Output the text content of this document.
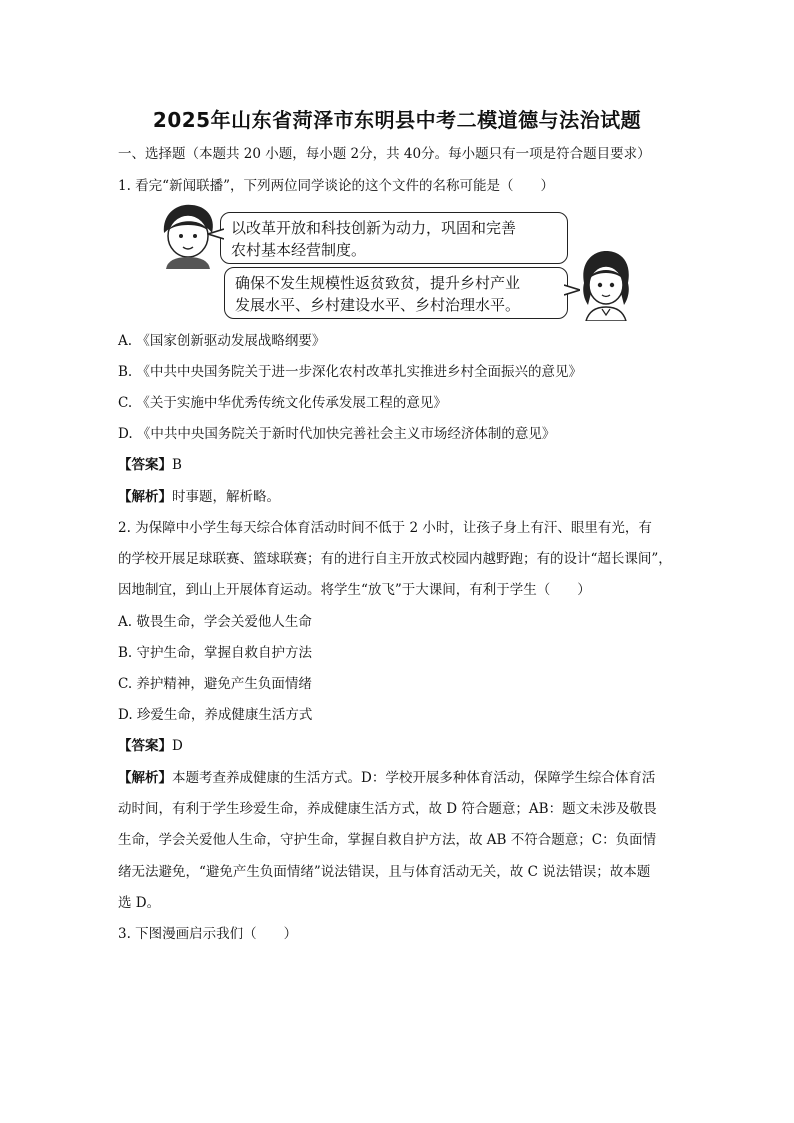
2025年山东省菏泽市东明县中考二模道德与法治试题
一、选择题（本题共 20 小题，每小题 2分，共 40分。每小题只有一项是符合题目要求）
1. 看完“新闻联播”，下列两位同学谈论的这个文件的名称可能是（　　）
以改革开放和科技创新为动力，巩固和完善
农村基本经营制度。
确保不发生规模性返贫致贫，提升乡村产业
发展水平、乡村建设水平、乡村治理水平。
A. 《国家创新驱动发展战略纲要》
B. 《中共中央国务院关于进一步深化农村改革扎实推进乡村全面振兴的意见》
C. 《关于实施中华优秀传统文化传承发展工程的意见》
D. 《中共中央国务院关于新时代加快完善社会主义市场经济体制的意见》
【答案】B
【解析】时事题，解析略。
2. 为保障中小学生每天综合体育活动时间不低于 2 小时，让孩子身上有汗、眼里有光，有
的学校开展足球联赛、篮球联赛；有的进行自主开放式校园内越野跑；有的设计“超长课间”，
因地制宜，到山上开展体育运动。将学生“放飞”于大课间，有利于学生（　　）
A. 敬畏生命，学会关爱他人生命
B. 守护生命，掌握自救自护方法
C. 养护精神，避免产生负面情绪
D. 珍爱生命，养成健康生活方式
【答案】D
【解析】本题考查养成健康的生活方式。D：学校开展多种体育活动，保障学生综合体育活
动时间，有利于学生珍爱生命，养成健康生活方式，故 D 符合题意；AB：题文未涉及敬畏
生命，学会关爱他人生命，守护生命，掌握自救自护方法，故 AB 不符合题意；C：负面情
绪无法避免，“避免产生负面情绪”说法错误，且与体育活动无关，故 C 说法错误；故本题
选 D。
3. 下图漫画启示我们（　　）
